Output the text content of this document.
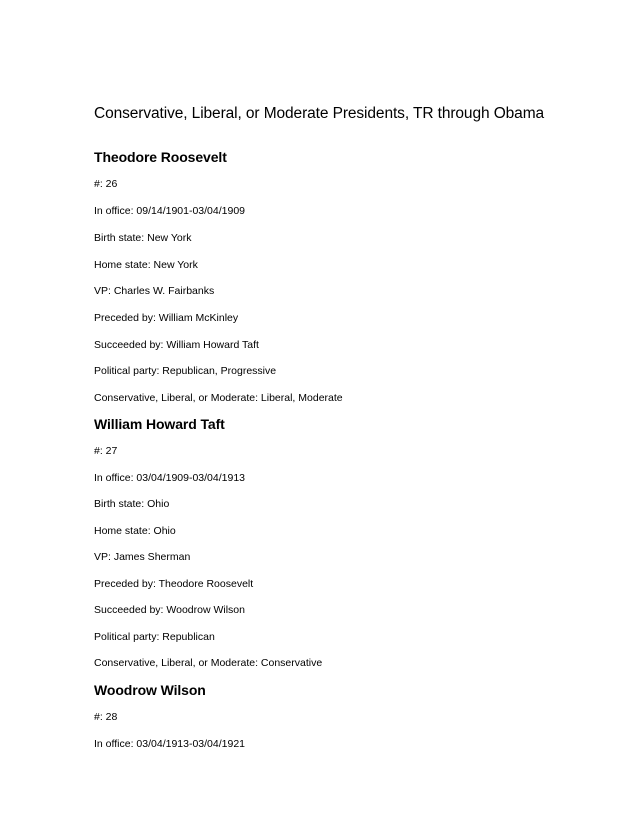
Conservative, Liberal, or Moderate Presidents, TR through Obama
Theodore Roosevelt
#: 26
In office: 09/14/1901-03/04/1909
Birth state: New York
Home state: New York
VP: Charles W. Fairbanks
Preceded by: William McKinley
Succeeded by: William Howard Taft
Political party: Republican, Progressive
Conservative, Liberal, or Moderate: Liberal, Moderate
William Howard Taft
#: 27
In office: 03/04/1909-03/04/1913
Birth state: Ohio
Home state: Ohio
VP: James Sherman
Preceded by: Theodore Roosevelt
Succeeded by: Woodrow Wilson
Political party: Republican
Conservative, Liberal, or Moderate: Conservative
Woodrow Wilson
#: 28
In office: 03/04/1913-03/04/1921
